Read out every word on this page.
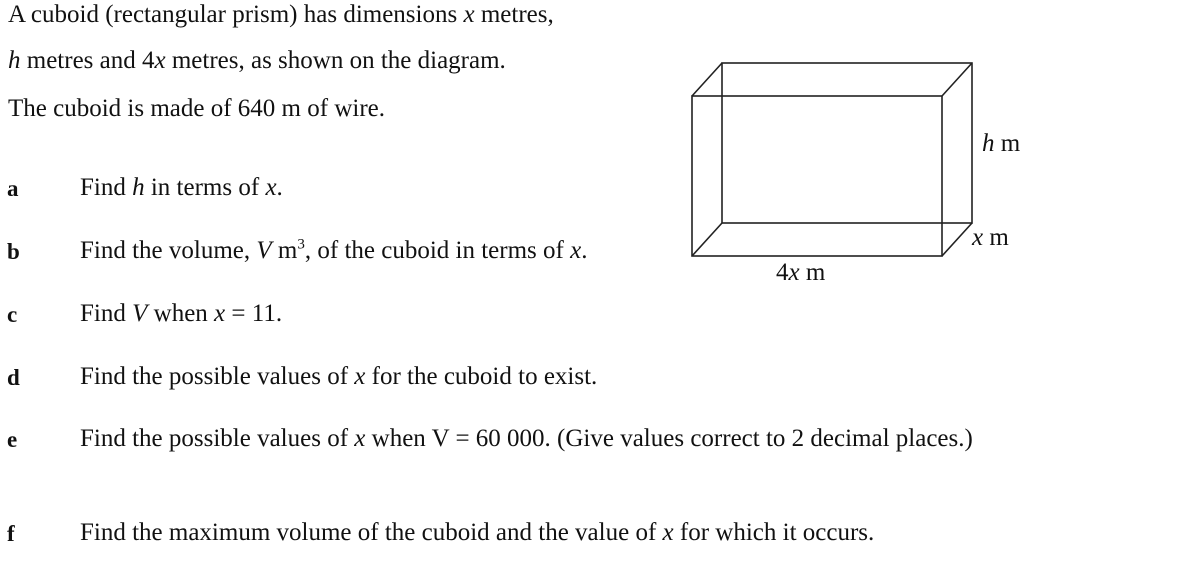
A cuboid (rectangular prism) has dimensions x metres,
h metres and 4x metres, as shown on the diagram.
The cuboid is made of 640 m of wire.
a Find h in terms of x.
b Find the volume, V $m^3$, of the cuboid in terms of x.
c	Find V when x = 11.
d Find the possible values of x for the cuboid to exist.
e	Find the possible values of x when V = 60 000. (Give values correct to 2 decimal places.)
f	Find the maximum volume of the cuboid and the value of x for which it occurs.
h m
x m
4x m
